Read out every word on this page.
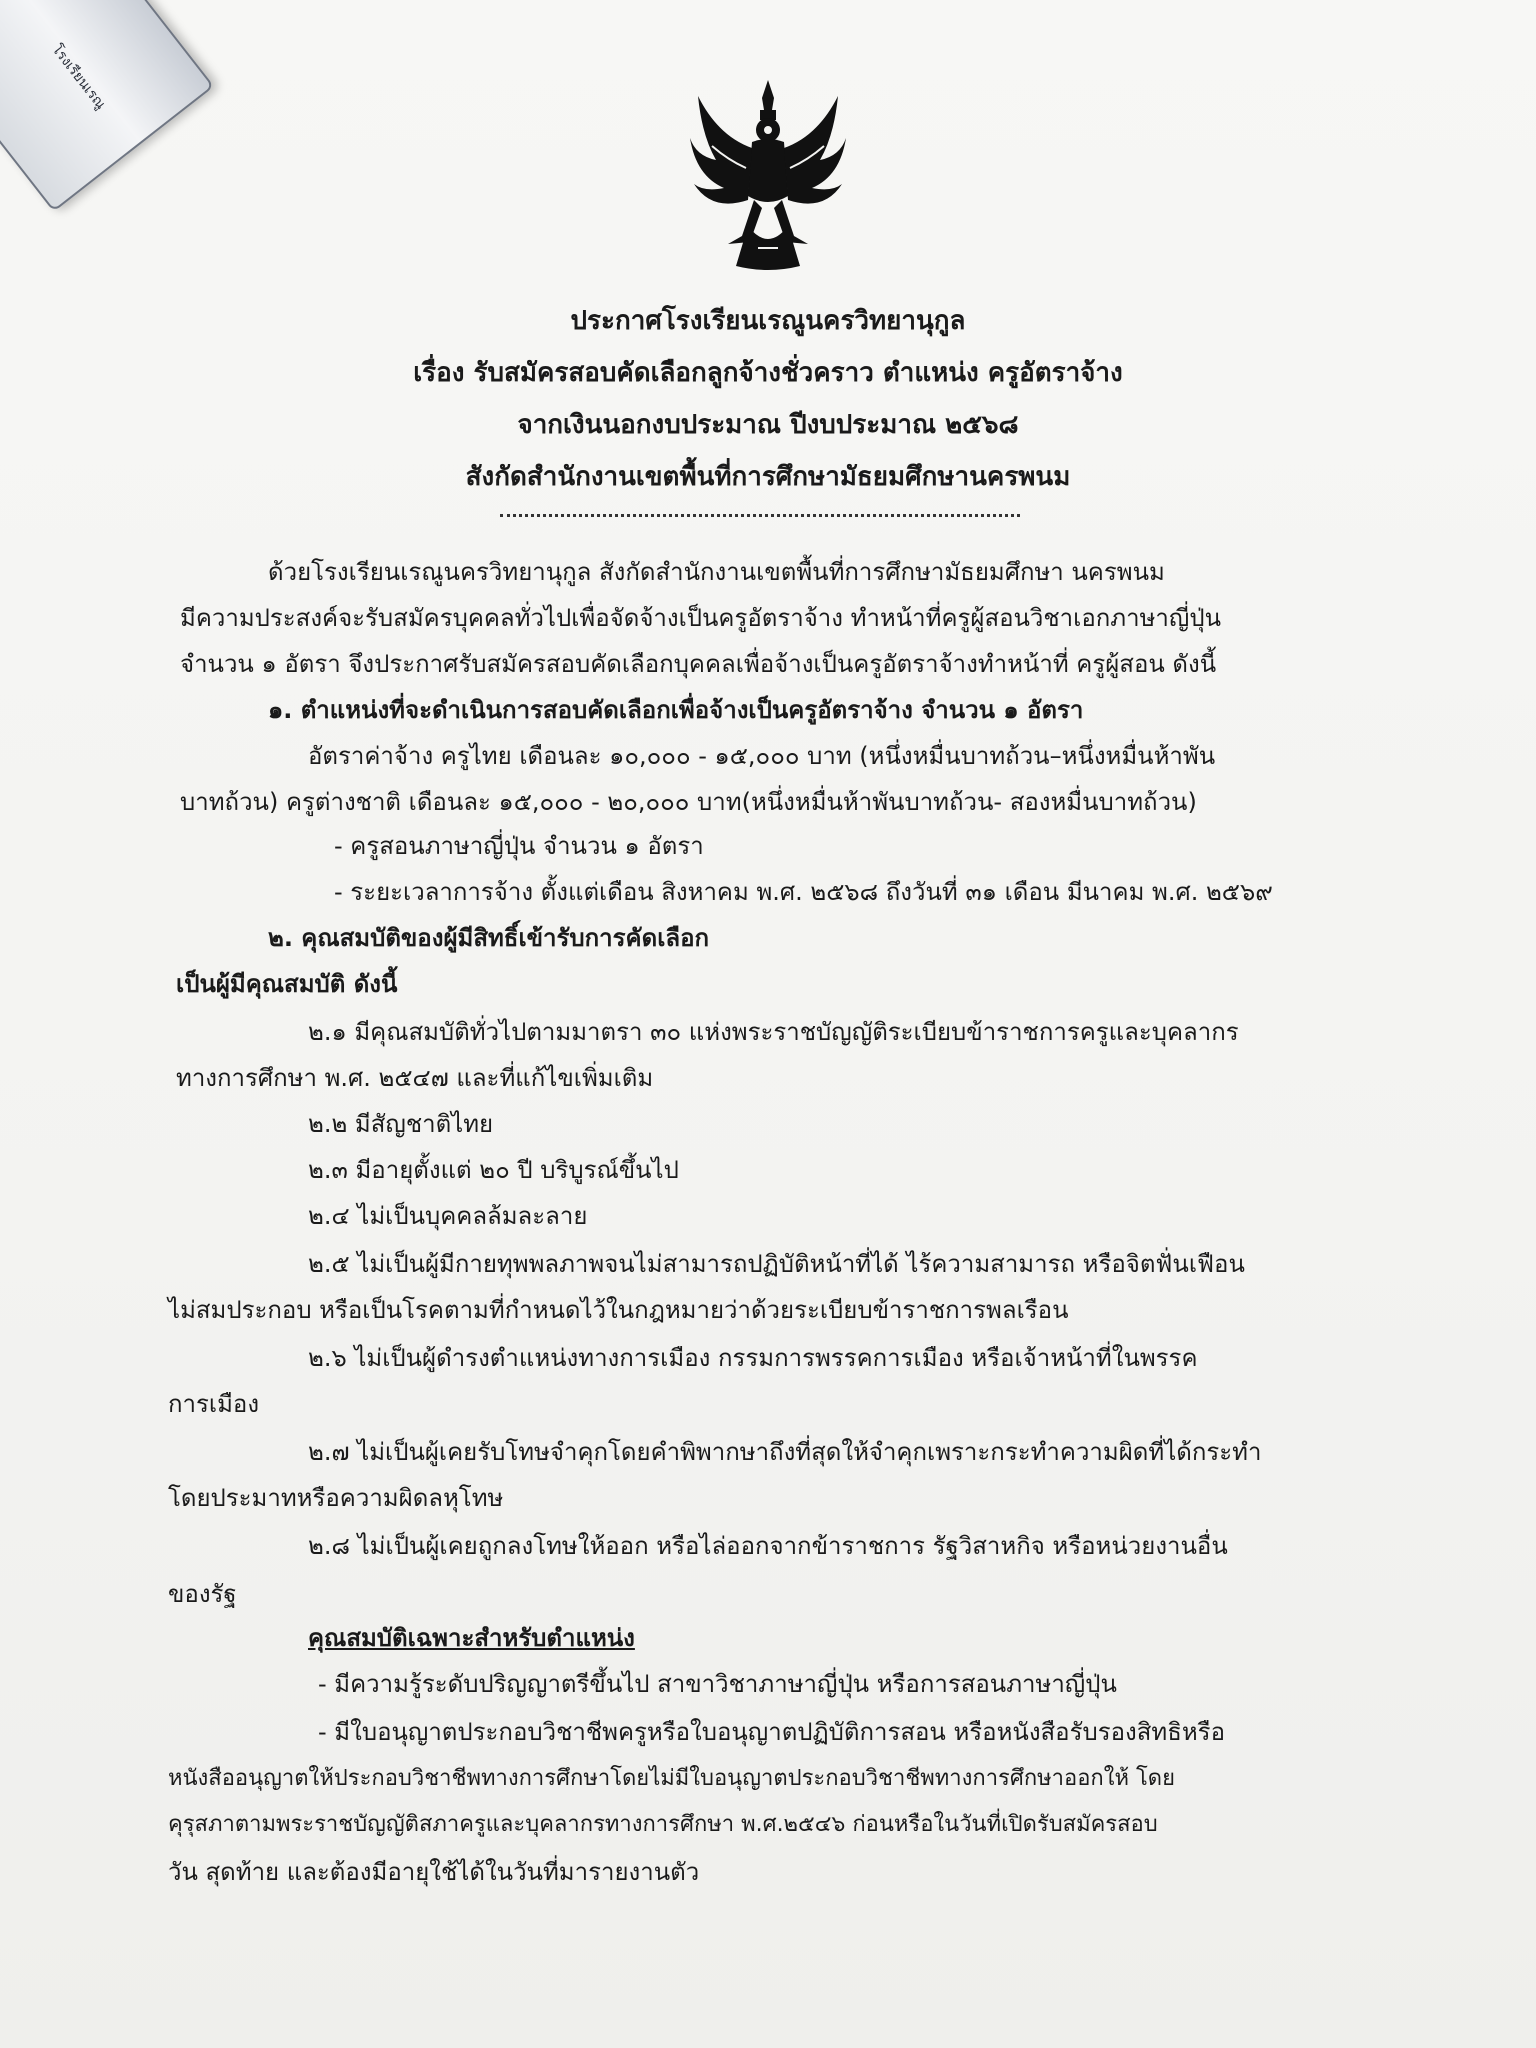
โรงเรียนเรณู
ประกาศโรงเรียนเรณูนครวิทยานุกูล
เรื่อง รับสมัครสอบคัดเลือกลูกจ้างชั่วคราว ตำแหน่ง ครูอัตราจ้าง
จากเงินนอกงบประมาณ ปีงบประมาณ ๒๕๖๘
สังกัดสำนักงานเขตพื้นที่การศึกษามัธยมศึกษานครพนม
ด้วยโรงเรียนเรณูนครวิทยานุกูล สังกัดสำนักงานเขตพื้นที่การศึกษามัธยมศึกษา นครพนม
มีความประสงค์จะรับสมัครบุคคลทั่วไปเพื่อจัดจ้างเป็นครูอัตราจ้าง ทำหน้าที่ครูผู้สอนวิชาเอกภาษาญี่ปุ่น
จำนวน ๑ อัตรา จึงประกาศรับสมัครสอบคัดเลือกบุคคลเพื่อจ้างเป็นครูอัตราจ้างทำหน้าที่ ครูผู้สอน ดังนี้
๑. ตำแหน่งที่จะดำเนินการสอบคัดเลือกเพื่อจ้างเป็นครูอัตราจ้าง จำนวน ๑ อัตรา
อัตราค่าจ้าง ครูไทย เดือนละ ๑๐,๐๐๐ - ๑๕,๐๐๐ บาท (หนึ่งหมื่นบาทถ้วน–หนึ่งหมื่นห้าพัน
บาทถ้วน) ครูต่างชาติ เดือนละ ๑๕,๐๐๐ - ๒๐,๐๐๐ บาท(หนึ่งหมื่นห้าพันบาทถ้วน- สองหมื่นบาทถ้วน)
- ครูสอนภาษาญี่ปุ่น จำนวน ๑ อัตรา
- ระยะเวลาการจ้าง ตั้งแต่เดือน สิงหาคม พ.ศ. ๒๕๖๘ ถึงวันที่ ๓๑ เดือน มีนาคม พ.ศ. ๒๕๖๙
๒. คุณสมบัติของผู้มีสิทธิ์เข้ารับการคัดเลือก
เป็นผู้มีคุณสมบัติ ดังนี้
๒.๑ มีคุณสมบัติทั่วไปตามมาตรา ๓๐ แห่งพระราชบัญญัติระเบียบข้าราชการครูและบุคลากร
ทางการศึกษา พ.ศ. ๒๕๔๗ และที่แก้ไขเพิ่มเติม
๒.๒ มีสัญชาติไทย
๒.๓ มีอายุตั้งแต่ ๒๐ ปี บริบูรณ์ขึ้นไป
๒.๔ ไม่เป็นบุคคลล้มละลาย
๒.๕ ไม่เป็นผู้มีกายทุพพลภาพจนไม่สามารถปฏิบัติหน้าที่ได้ ไร้ความสามารถ หรือจิตฟั่นเฟือน
ไม่สมประกอบ หรือเป็นโรคตามที่กำหนดไว้ในกฎหมายว่าด้วยระเบียบข้าราชการพลเรือน
๒.๖ ไม่เป็นผู้ดำรงตำแหน่งทางการเมือง กรรมการพรรคการเมือง หรือเจ้าหน้าที่ในพรรค
การเมือง
๒.๗ ไม่เป็นผู้เคยรับโทษจำคุกโดยคำพิพากษาถึงที่สุดให้จำคุกเพราะกระทำความผิดที่ได้กระทำ
โดยประมาทหรือความผิดลหุโทษ
๒.๘ ไม่เป็นผู้เคยถูกลงโทษให้ออก หรือไล่ออกจากข้าราชการ รัฐวิสาหกิจ หรือหน่วยงานอื่น
ของรัฐ
คุณสมบัติเฉพาะสำหรับตำแหน่ง
- มีความรู้ระดับปริญญาตรีขึ้นไป สาขาวิชาภาษาญี่ปุ่น หรือการสอนภาษาญี่ปุ่น
- มีใบอนุญาตประกอบวิชาชีพครูหรือใบอนุญาตปฏิบัติการสอน หรือหนังสือรับรองสิทธิหรือ
หนังสืออนุญาตให้ประกอบวิชาชีพทางการศึกษาโดยไม่มีใบอนุญาตประกอบวิชาชีพทางการศึกษาออกให้ โดย
คุรุสภาตามพระราชบัญญัติสภาครูและบุคลากรทางการศึกษา พ.ศ.๒๕๔๖ ก่อนหรือในวันที่เปิดรับสมัครสอบ
วัน สุดท้าย และต้องมีอายุใช้ได้ในวันที่มารายงานตัว
